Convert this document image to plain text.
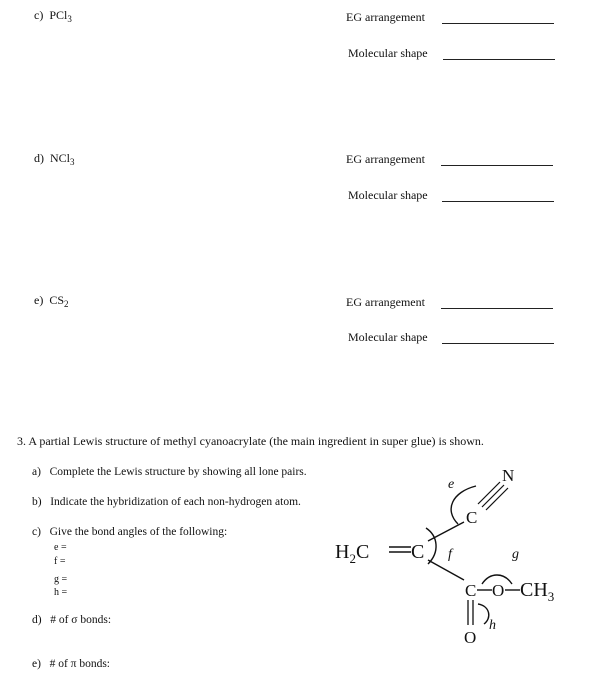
c) PCl$_3$	EG arrangement
Molecular shape
d) NCl$_3$	EG arrangement
Molecular shape
e) $CS_2$	EG arrangement
Molecular shape
3. A partial Lewis structure of methyl cyanoacrylate (the main ingredient in super glue) is shown.
a) Complete the Lewis structure by showing all lone pairs.
b) Indicate the hybridization of each non-hydrogen atom.
c) Give the bond angles of the following:
e =
f =
g =
h =
d) # of σ bonds:
e) # of π bonds:
$H_2C$ C
C
N
e
f	g
C O $CH_3$
O
h
